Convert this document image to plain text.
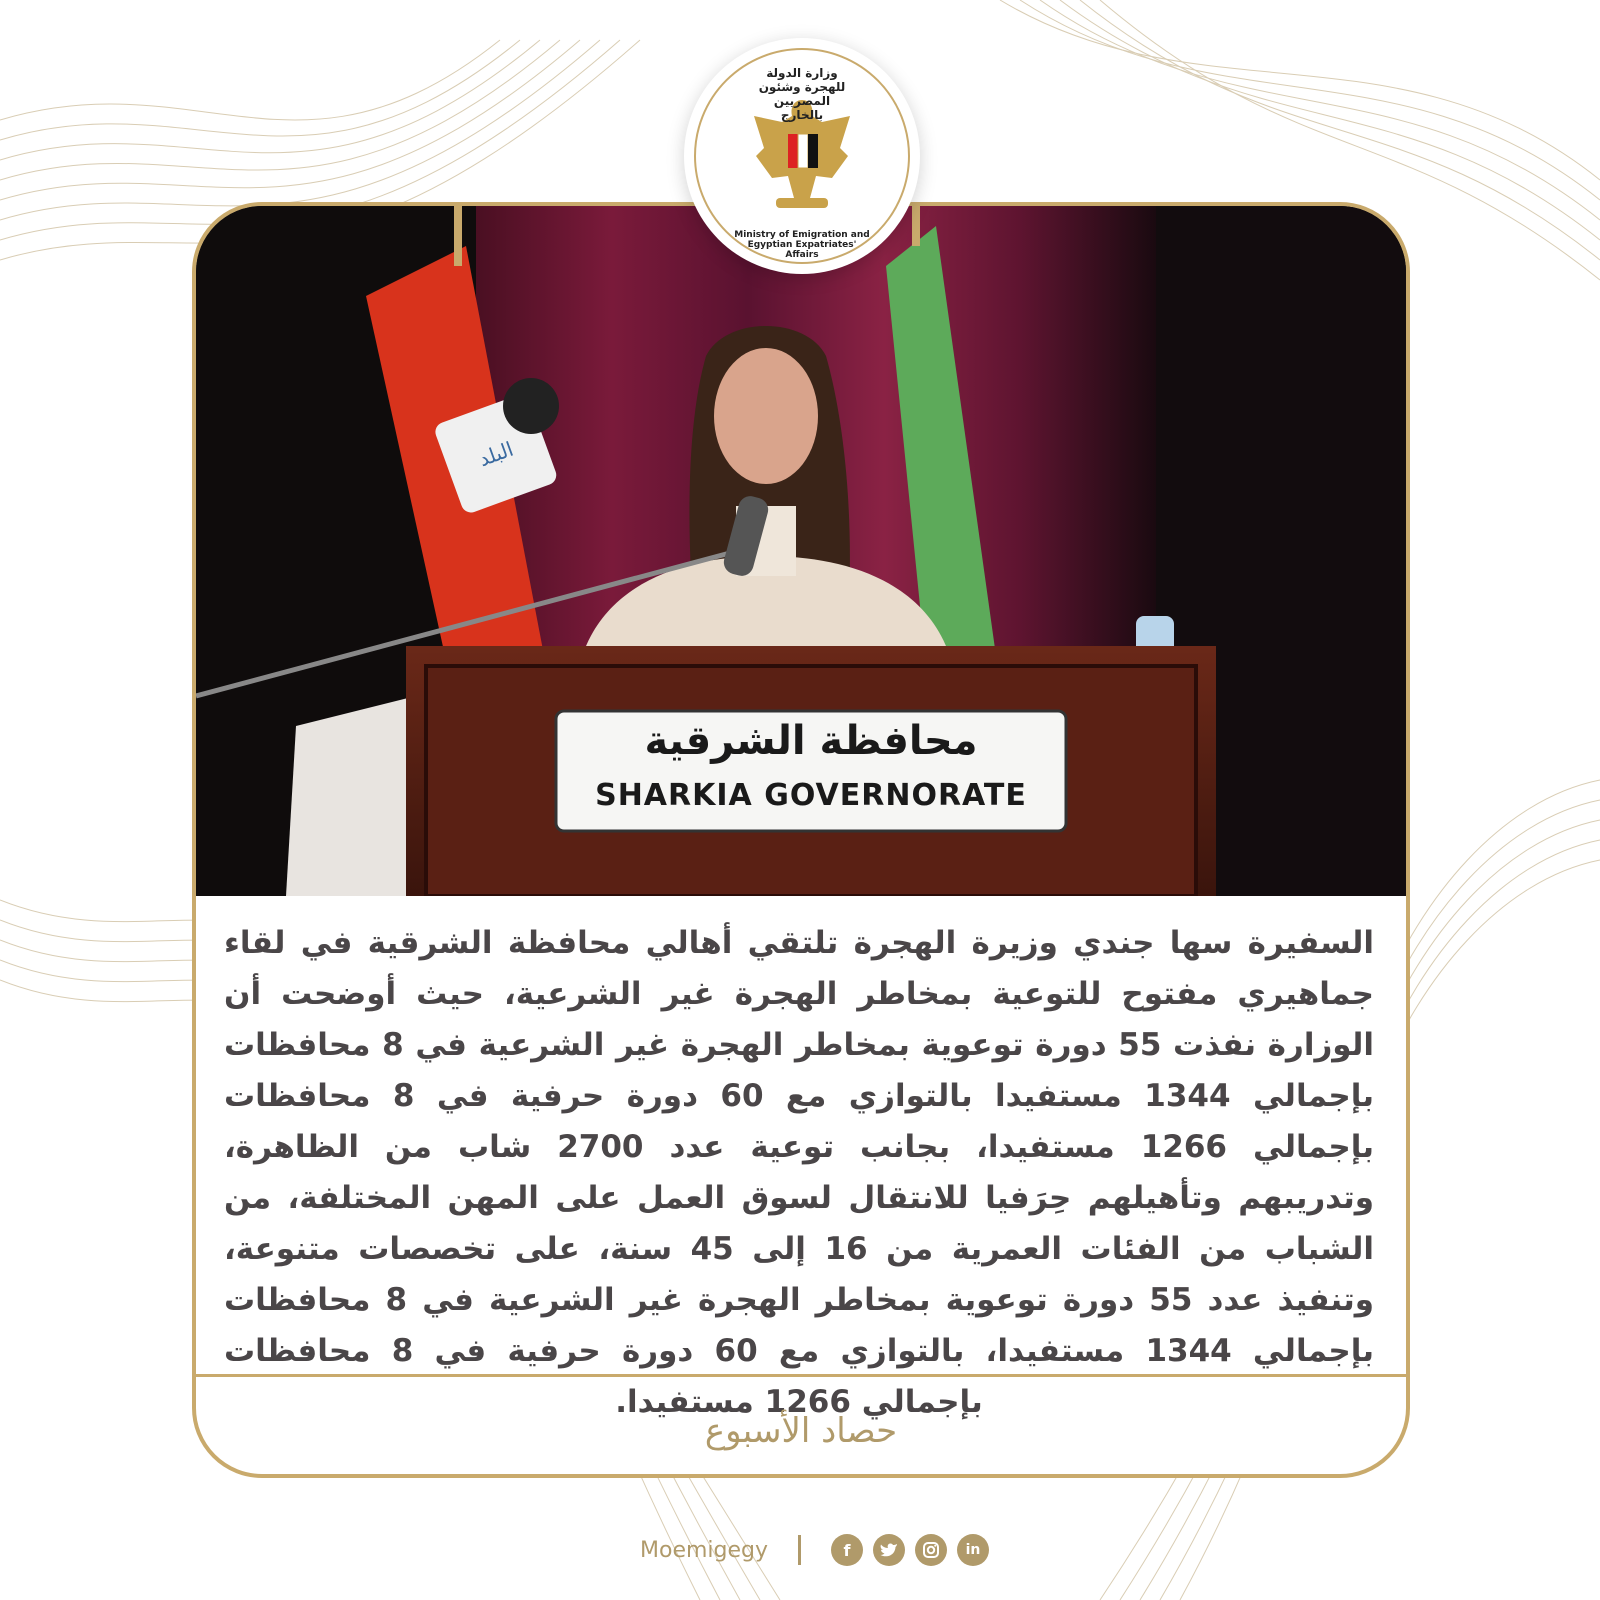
البلد
محافظة الشرقية
SHARKIA GOVERNORATE
السفيرة سها جندي وزيرة الهجرة تلتقي أهالي محافظة الشرقية في لقاء جماهيري مفتوح للتوعية بمخاطر الهجرة غير الشرعية، حيث أوضحت أن الوزارة نفذت 55 دورة توعوية بمخاطر الهجرة غير الشرعية في 8 محافظات بإجمالي 1344 مستفيدا بالتوازي مع 60 دورة حرفية في 8 محافظات بإجمالي 1266 مستفيدا، بجانب توعية عدد 2700 شاب من الظاهرة، وتدريبهم وتأهيلهم حِرَفيا للانتقال لسوق العمل على المهن المختلفة، من الشباب من الفئات العمرية من 16 إلى 45 سنة، على تخصصات متنوعة، وتنفيذ عدد 55 دورة توعوية بمخاطر الهجرة غير الشرعية في 8 محافظات بإجمالي 1344 مستفيدا، بالتوازي مع 60 دورة حرفية في 8 محافظات بإجمالي 1266 مستفيدا.
حصاد الأسبوع
وزارة الدولة للهجرة وشئون المصريين بالخارج
Ministry of Emigration and Egyptian Expatriates' Affairs
Moemigegy	f	in
